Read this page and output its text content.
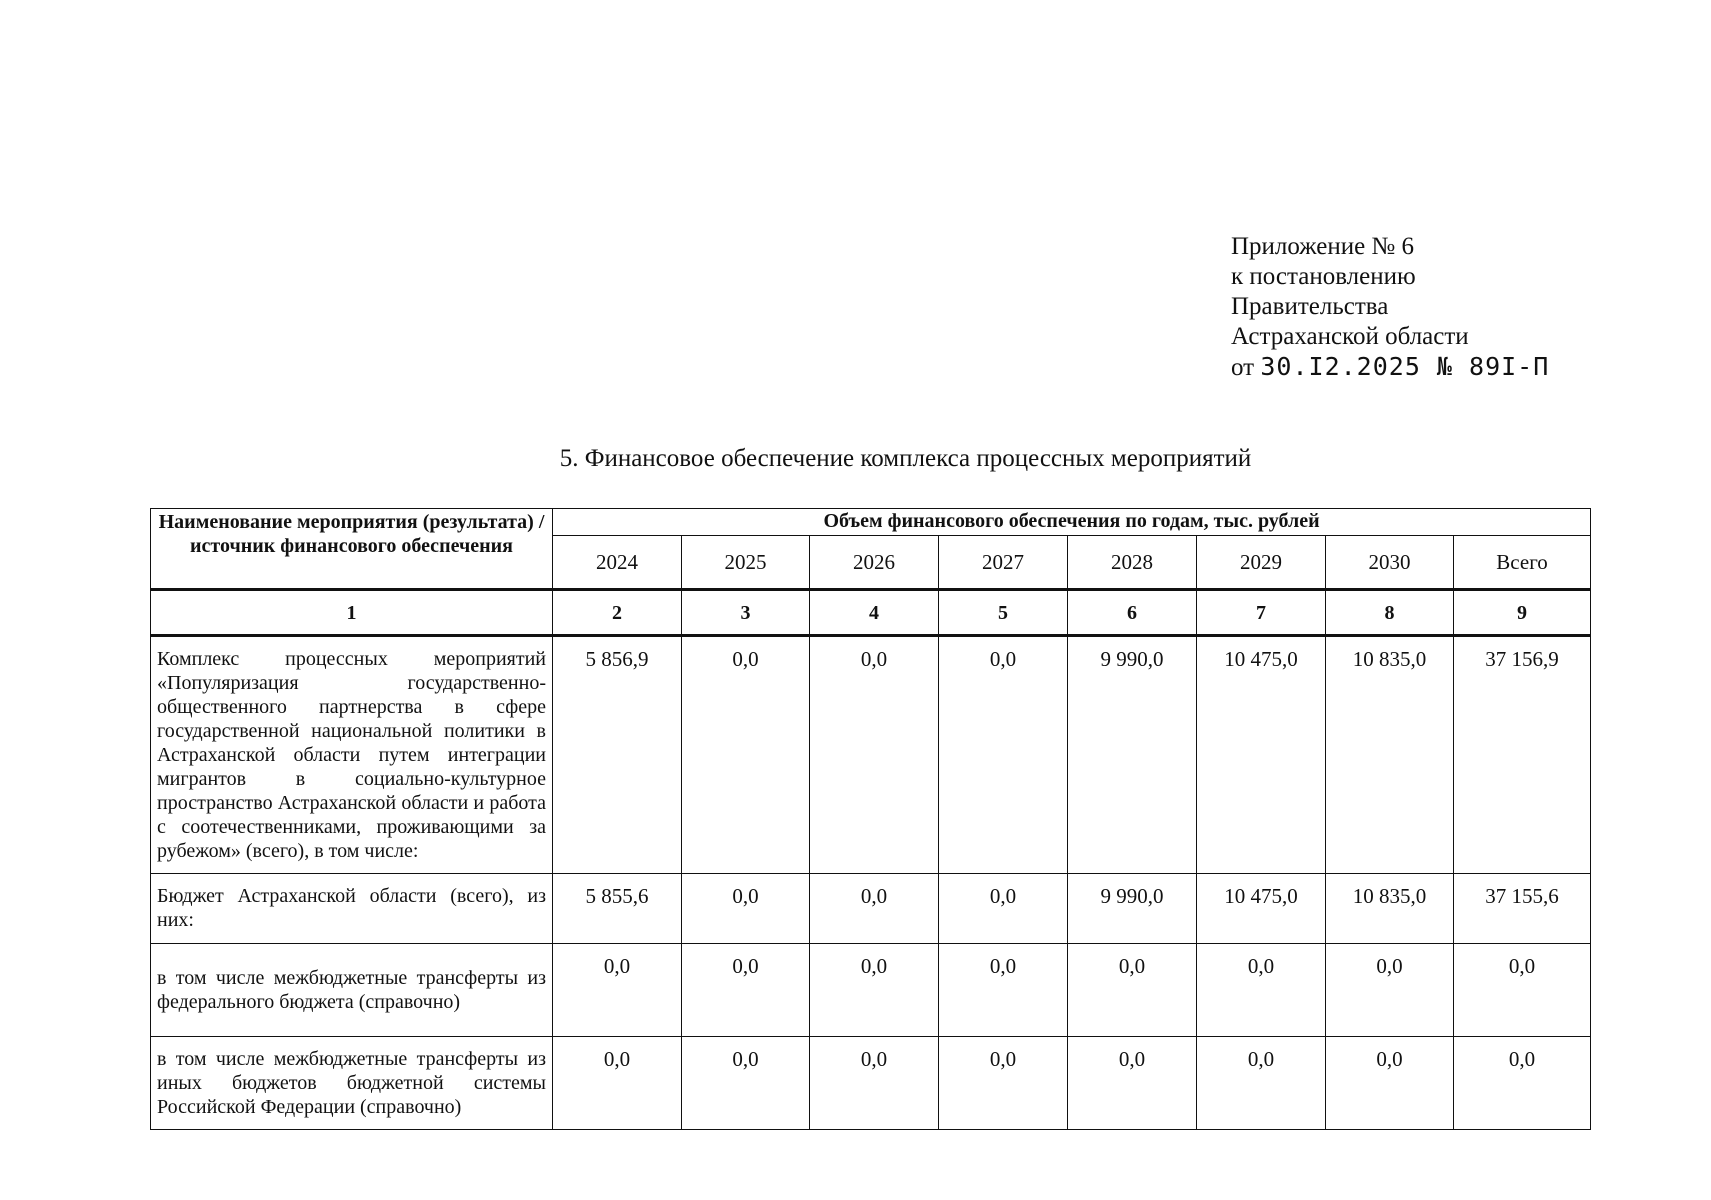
Приложение № 6
к постановлению
Правительства
Астраханской области
от 30.I2.2025 № 89I-П
5. Финансовое обеспечение комплекса процессных мероприятий
Наименование мероприятия (результата) / источник финансового обеспечения	Объем финансового обеспечения по годам, тыс. рублей							
	2024	2025	2026	2027	2028	2029	2030	Всего
1	2	3	4	5	6	7	8	9
Комплекс процессных мероприятий «Популяризация государственно-общественного партнерства в сфере государственной национальной политики в Астраханской области путем интеграции мигрантов в социально-культурное пространство Астраханской области и работа с соотечественниками, проживающими за рубежом» (всего), в том числе:	5 856,9	0,0	0,0	0,0	9 990,0	10 475,0	10 835,0	37 156,9
Бюджет Астраханской области (всего), из них:	5 855,6	0,0	0,0	0,0	9 990,0	10 475,0	10 835,0	37 155,6
в том числе межбюджетные трансферты из федерального бюджета (справочно)	0,0	0,0	0,0	0,0	0,0	0,0	0,0	0,0
в том числе межбюджетные трансферты из иных бюджетов бюджетной системы Российской Федерации (справочно)	0,0	0,0	0,0	0,0	0,0	0,0	0,0	0,0
